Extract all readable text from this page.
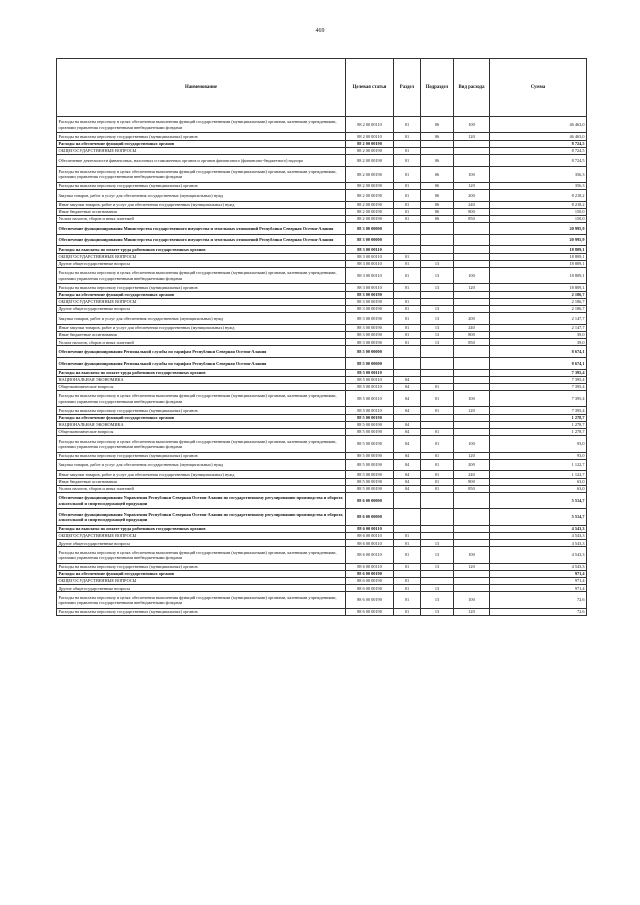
469
Наименование	Целевая статья	Раздел	Подраздел	Вид расхода	Сумма
Расходы на выплаты персоналу в целях обеспечения выполнения функций государственными (муниципальными) органами, казенными учреждениями, органами управления государственными внебюджетными фондами	88 2 00 00110	01	06	100	46 463,0
Расходы на выплаты персоналу государственных (муниципальных) органов	88 2 00 00110	01	06	120	46 463,0
Расходы на обеспечение функций государственных органов	88 2 00 00190				8 724,5
ОБЩЕГОСУДАРСТВЕННЫЕ ВОПРОСЫ	88 2 00 00190	01			8 724,5
Обеспечение деятельности финансовых, налоговых и таможенных органов и органов финансового (финансово-бюджетного) надзора	88 2 00 00190	01	06		8 724,5
Расходы на выплаты персоналу в целях обеспечения выполнения функций государственными (муниципальными) органами, казенными учреждениями, органами управления государственными внебюджетными фондами	88 2 00 00190	01	06	100	356,3
Расходы на выплаты персоналу государственных (муниципальных) органов	88 2 00 00190	01	06	120	356,3
Закупка товаров, работ и услуг для обеспечения государственных (муниципальных) нужд	88 2 00 00190	01	06	200	8 218,2
Иные закупки товаров, работ и услуг для обеспечения государственных (муниципальных) нужд	88 2 00 00190	01	06	240	8 218,2
Иные бюджетные ассигнования	88 2 00 00190	01	06	800	150,0
Уплата налогов, сборов и иных платежей	88 2 00 00190	01	06	850	150,0
Обеспечение функционирования Министерства государственного имущества и земельных отношений Республики Северная Осетия-Алания	88 3 00 00000				20 995,9
Обеспечение функционирования Министерства государственного имущества и земельных отношений Республики Северная Осетия-Алания	88 3 00 00000				20 995,9
Расходы на выплаты по оплате труда работников государственных органов	88 3 00 00110				18 809,1
ОБЩЕГОСУДАРСТВЕННЫЕ ВОПРОСЫ	88 3 00 00110	01			18 809,1
Другие общегосударственные вопросы	88 3 00 00110	01	13		18 809,1
Расходы на выплаты персоналу в целях обеспечения выполнения функций государственными (муниципальными) органами, казенными учреждениями, органами управления государственными внебюджетными фондами	88 3 00 00110	01	13	100	18 809,1
Расходы на выплаты персоналу государственных (муниципальных) органов	88 3 00 00110	01	13	120	18 809,1
Расходы на обеспечение функций государственных органов	88 3 00 00190				2 186,7
ОБЩЕГОСУДАРСТВЕННЫЕ ВОПРОСЫ	88 3 00 00190	01			2 186,7
Другие общегосударственные вопросы	88 3 00 00190	01	13		2 186,7
Закупка товаров, работ и услуг для обеспечения государственных (муниципальных) нужд	88 3 00 00190	01	13	200	2 147,7
Иные закупки товаров, работ и услуг для обеспечения государственных (муниципальных) нужд	88 3 00 00190	01	13	240	2 147,7
Иные бюджетные ассигнования	88 3 00 00190	01	13	800	39,0
Уплата налогов, сборов и иных платежей	88 3 00 00190	01	13	850	39,0
Обеспечение функционирования Региональной службы по тарифам Республики Северная Осетия-Алания	88 5 00 00000				8 674,1
Обеспечение функционирования Региональной службы по тарифам Республики Северная Осетия-Алания	88 5 00 00000				8 674,1
Расходы на выплаты по оплате труда работников государственных органов	88 5 00 00110				7 395,4
НАЦИОНАЛЬНАЯ ЭКОНОМИКА	88 5 00 00110	04			7 395,4
Общеэкономические вопросы	88 5 00 00110	04	01		7 395,4
Расходы на выплаты персоналу в целях обеспечения выполнения функций государственными (муниципальными) органами, казенными учреждениями, органами управления государственными внебюджетными фондами	88 5 00 00110	04	01	100	7 395,4
Расходы на выплаты персоналу государственных (муниципальных) органов	88 5 00 00110	04	01	120	7 395,4
Расходы на обеспечение функций государственных органов	88 5 00 00190				1 278,7
НАЦИОНАЛЬНАЯ ЭКОНОМИКА	88 5 00 00190	04			1 278,7
Общеэкономические вопросы	88 5 00 00190	04	01		1 278,7
Расходы на выплаты персоналу в целях обеспечения выполнения функций государственными (муниципальными) органами, казенными учреждениями, органами управления государственными внебюджетными фондами	88 5 00 00190	04	01	100	93,0
Расходы на выплаты персоналу государственных (муниципальных) органов	88 5 00 00190	04	01	120	93,0
Закупка товаров, работ и услуг для обеспечения государственных (муниципальных) нужд	88 5 00 00190	04	01	200	1 122,7
Иные закупки товаров, работ и услуг для обеспечения государственных (муниципальных) нужд	88 5 00 00190	04	01	240	1 122,7
Иные бюджетные ассигнования	88 5 00 00190	04	01	800	63,0
Уплата налогов, сборов и иных платежей	88 5 00 00190	04	01	850	63,0
Обеспечение функционирования Управления Республики Северная Осетия-Алания по государственному регулированию производства и оборота алкогольной и спиртосодержащей продукции	88 6 00 00000				5 514,7
Обеспечение функционирования Управления Республики Северная Осетия-Алания по государственному регулированию производства и оборота алкогольной и спиртосодержащей продукции	88 6 00 00000				5 514,7
Расходы на выплаты по оплате труда работников государственных органов	88 6 00 00110				4 543,3
ОБЩЕГОСУДАРСТВЕННЫЕ ВОПРОСЫ	88 6 00 00110	01			4 543,3
Другие общегосударственные вопросы	88 6 00 00110	01	13		4 543,3
Расходы на выплаты персоналу в целях обеспечения выполнения функций государственными (муниципальными) органами, казенными учреждениями, органами управления государственными внебюджетными фондами	88 6 00 00110	01	13	100	4 543,3
Расходы на выплаты персоналу государственных (муниципальных) органов	88 6 00 00110	01	13	120	4 543,3
Расходы на обеспечение функций государственных органов	88 6 00 00190				971,4
ОБЩЕГОСУДАРСТВЕННЫЕ ВОПРОСЫ	88 6 00 00190	01			971,4
Другие общегосударственные вопросы	88 6 00 00190	01	13		971,4
Расходы на выплаты персоналу в целях обеспечения выполнения функций государственными (муниципальными) органами, казенными учреждениями, органами управления государственными внебюджетными фондами	88 6 00 00190	01	13	100	72,6
Расходы на выплаты персоналу государственных (муниципальных) органов	88 6 00 00190	01	13	120	72,6
